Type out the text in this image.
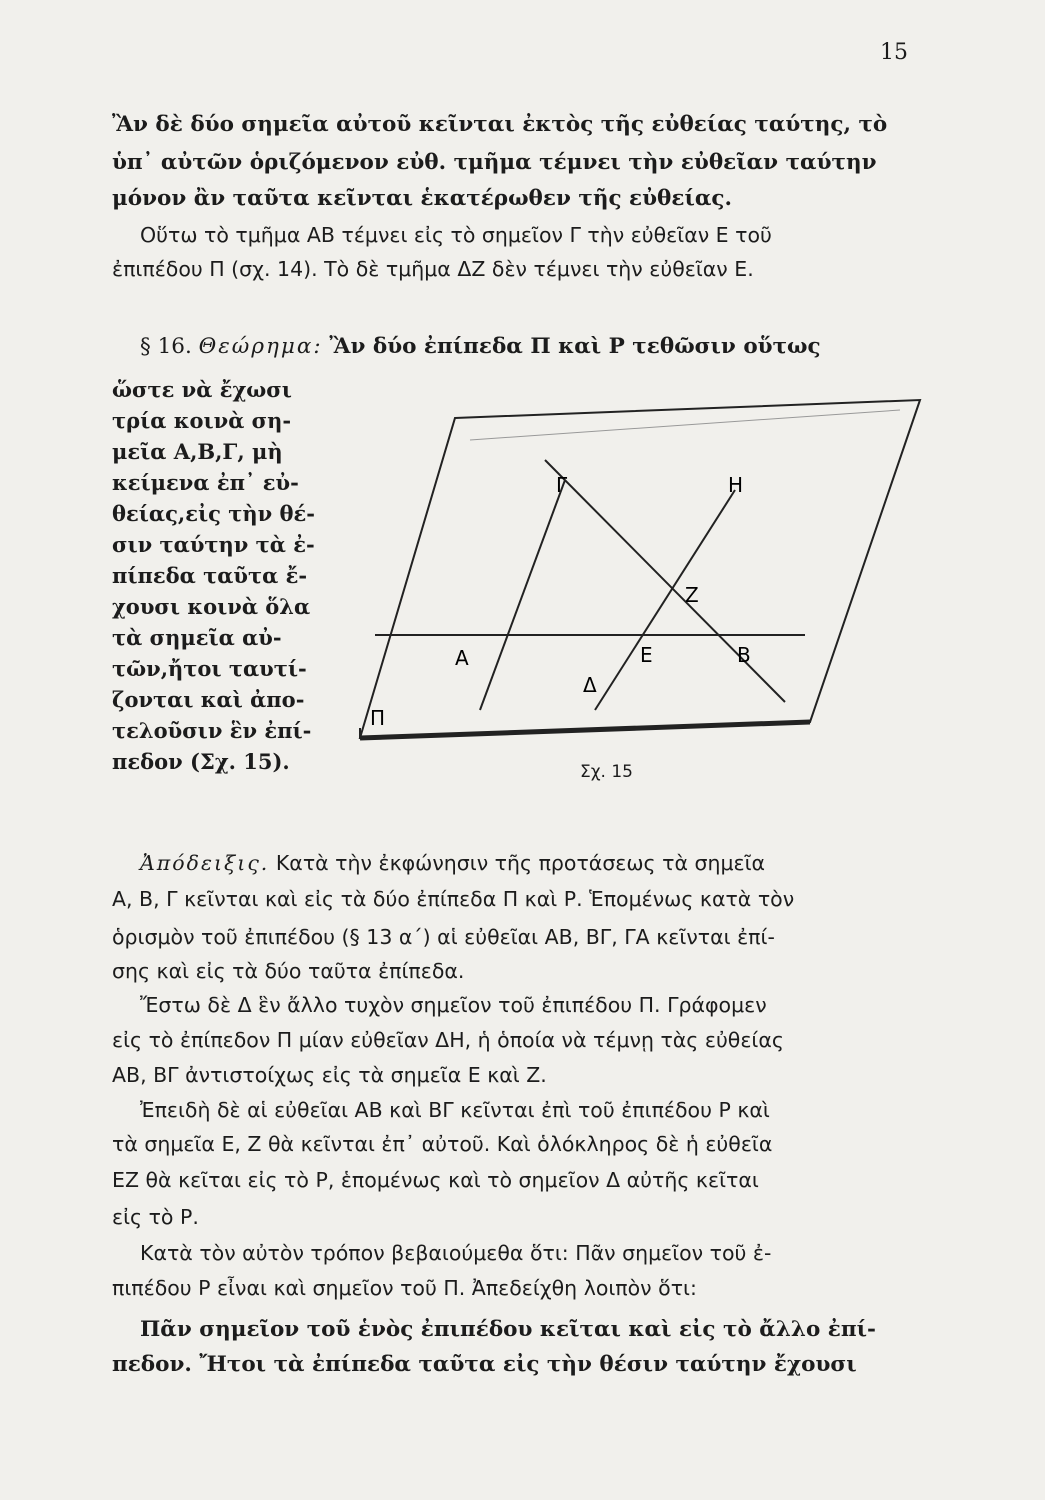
15
Ἂν δὲ δύο σημεῖα αὐτοῦ κεῖνται ἐκτὸς τῆς εὐθείας ταύτης, τὸ
ὑπ᾽ αὐτῶν ὁριζόμενον εὐθ. τμῆμα τέμνει τὴν εὐθεῖαν ταύτην
μόνον ἂν ταῦτα κεῖνται ἑκατέρωθεν τῆς εὐθείας.
Οὕτω τὸ τμῆμα ΑΒ τέμνει εἰς τὸ σημεῖον Γ τὴν εὐθεῖαν Ε τοῦ
ἐπιπέδου Π (σχ. 14). Τὸ δὲ τμῆμα ΔΖ δὲν τέμνει τὴν εὐθεῖαν Ε.
§ 16. Θεώρημα: Ἂν δύο ἐπίπεδα Π καὶ Ρ τεθῶσιν οὕτως
ὥστε νὰ ἔχωσι
τρία κοινὰ ση-
μεῖα Α,Β,Γ, μὴ
κείμενα ἐπ᾽ εὐ-
θείας,εἰς τὴν θέ-
σιν ταύτην τὰ ἐ-
πίπεδα ταῦτα ἔ-
χουσι κοινὰ ὅλα
τὰ σημεῖα αὐ-
τῶν,ἤτοι ταυτί-
ζονται καὶ ἀπο-
τελοῦσιν ἓν ἐπί-
πεδον (Σχ. 15).
Γ	Η
Ζ
Α	Ε	Β
Δ
Π
Σχ. 15
Ἀπόδειξις. Κατὰ τὴν ἐκφώνησιν τῆς προτάσεως τὰ σημεῖα
Α, Β, Γ κεῖνται καὶ εἰς τὰ δύο ἐπίπεδα Π καὶ Ρ. Ἑπομένως κατὰ τὸν
ὁρισμὸν τοῦ ἐπιπέδου (§ 13 α΄) αἱ εὐθεῖαι ΑΒ, ΒΓ, ΓΑ κεῖνται ἐπί-
σης καὶ εἰς τὰ δύο ταῦτα ἐπίπεδα.
Ἔστω δὲ Δ ἓν ἄλλο τυχὸν σημεῖον τοῦ ἐπιπέδου Π. Γράφομεν
εἰς τὸ ἐπίπεδον Π μίαν εὐθεῖαν ΔΗ, ἡ ὁποία νὰ τέμνῃ τὰς εὐθείας
ΑΒ, ΒΓ ἀντιστοίχως εἰς τὰ σημεῖα Ε καὶ Ζ.
Ἐπειδὴ δὲ αἱ εὐθεῖαι ΑΒ καὶ ΒΓ κεῖνται ἐπὶ τοῦ ἐπιπέδου Ρ καὶ
τὰ σημεῖα Ε, Ζ θὰ κεῖνται ἐπ᾽ αὐτοῦ. Καὶ ὁλόκληρος δὲ ἡ εὐθεῖα
ΕΖ θὰ κεῖται εἰς τὸ Ρ, ἑπομένως καὶ τὸ σημεῖον Δ αὐτῆς κεῖται
εἰς τὸ Ρ.
Κατὰ τὸν αὐτὸν τρόπον βεβαιούμεθα ὅτι: Πᾶν σημεῖον τοῦ ἐ-
πιπέδου Ρ εἶναι καὶ σημεῖον τοῦ Π. Ἀπεδείχθη λοιπὸν ὅτι:
Πᾶν σημεῖον τοῦ ἑνὸς ἐπιπέδου κεῖται καὶ εἰς τὸ ἄλλο ἐπί-
πεδον. Ἤτοι τὰ ἐπίπεδα ταῦτα εἰς τὴν θέσιν ταύτην ἔχουσι
